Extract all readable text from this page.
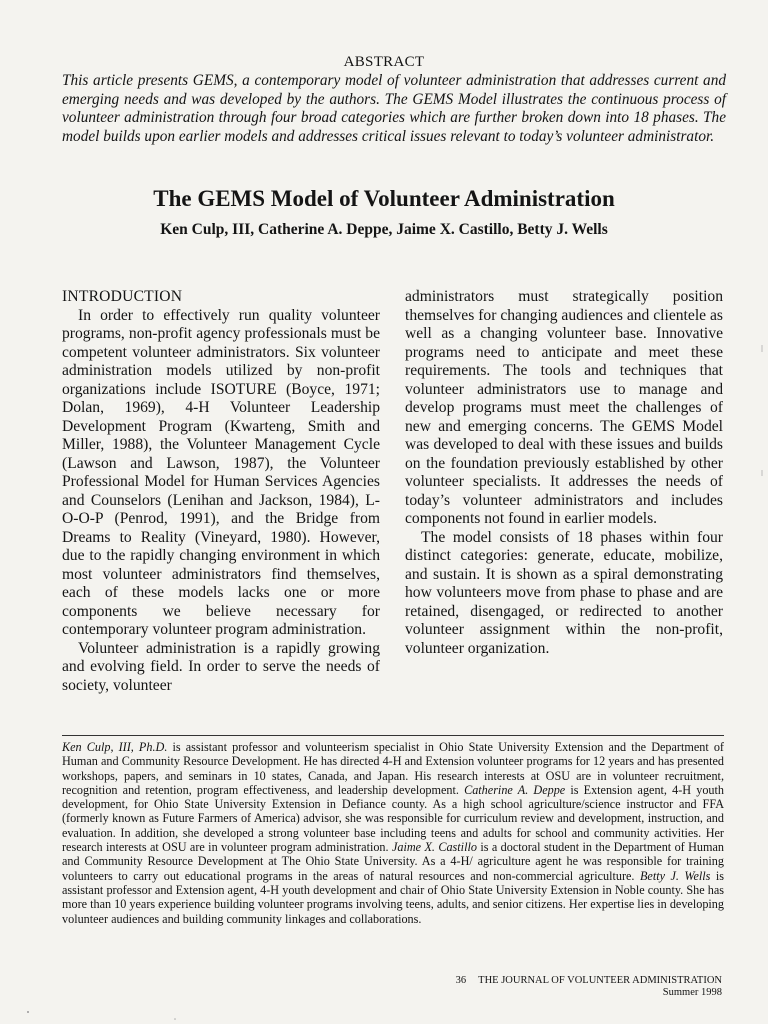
ABSTRACT
This article presents GEMS, a contemporary model of volunteer administration that addresses current and emerging needs and was developed by the authors. The GEMS Model illustrates the continuous process of volunteer administration through four broad categories which are further broken down into 18 phases. The model builds upon earlier models and addresses critical issues relevant to today’s volunteer administrator.
The GEMS Model of Volunteer Administration
Ken Culp, III, Catherine A. Deppe, Jaime X. Castillo, Betty J. Wells
INTRODUCTION

In order to effectively run quality volunteer programs, non-profit agency professionals must be competent volunteer administrators. Six volunteer administration models utilized by non-profit organizations include ISOTURE (Boyce, 1971; Dolan, 1969), 4-H Volunteer Leadership Development Program (Kwarteng, Smith and Miller, 1988), the Volunteer Management Cycle (Lawson and Lawson, 1987), the Volunteer Professional Model for Human Services Agencies and Counselors (Lenihan and Jackson, 1984), L-O-O-P (Penrod, 1991), and the Bridge from Dreams to Reality (Vineyard, 1980). However, due to the rapidly changing environment in which most volunteer administrators find themselves, each of these models lacks one or more components we believe necessary for contemporary volunteer program administration.

Volunteer administration is a rapidly growing and evolving field. In order to serve the needs of society, volunteer

administrators must strategically position themselves for changing audiences and clientele as well as a changing volunteer base. Innovative programs need to anticipate and meet these requirements. The tools and techniques that volunteer administrators use to manage and develop programs must meet the challenges of new and emerging concerns. The GEMS Model was developed to deal with these issues and builds on the foundation previously established by other volunteer specialists. It addresses the needs of today’s volunteer administrators and includes components not found in earlier models.

The model consists of 18 phases within four distinct categories: generate, educate, mobilize, and sustain. It is shown as a spiral demonstrating how volunteers move from phase to phase and are retained, disengaged, or redirected to another volunteer assignment within the non-profit, volunteer organization.

Ken Culp, III, Ph.D. is assistant professor and volunteerism specialist in Ohio State University Extension and the Department of Human and Community Resource Development. He has directed 4-H and Extension volunteer programs for 12 years and has presented workshops, papers, and seminars in 10 states, Canada, and Japan. His research interests at OSU are in volunteer recruitment, recognition and retention, program effectiveness, and leadership development. Catherine A. Deppe is Extension agent, 4-H youth development, for Ohio State University Extension in Defiance county. As a high school agriculture/science instructor and FFA (formerly known as Future Farmers of America) advisor, she was responsible for curriculum review and development, instruction, and evaluation. In addition, she developed a strong volunteer base including teens and adults for school and community activities. Her research interests at OSU are in volunteer program administration. Jaime X. Castillo is a doctoral student in the Department of Human and Community Resource Development at The Ohio State University. As a 4-H/ agriculture agent he was responsible for training volunteers to carry out educational programs in the areas of natural resources and non-commercial agriculture. Betty J. Wells is assistant professor and Extension agent, 4-H youth development and chair of Ohio State University Extension in Noble county. She has more than 10 years experience building volunteer programs involving teens, adults, and senior citizens. Her expertise lies in developing volunteer audiences and building community linkages and collaborations.
36 THE JOURNAL OF VOLUNTEER ADMINISTRATION
Summer 1998
